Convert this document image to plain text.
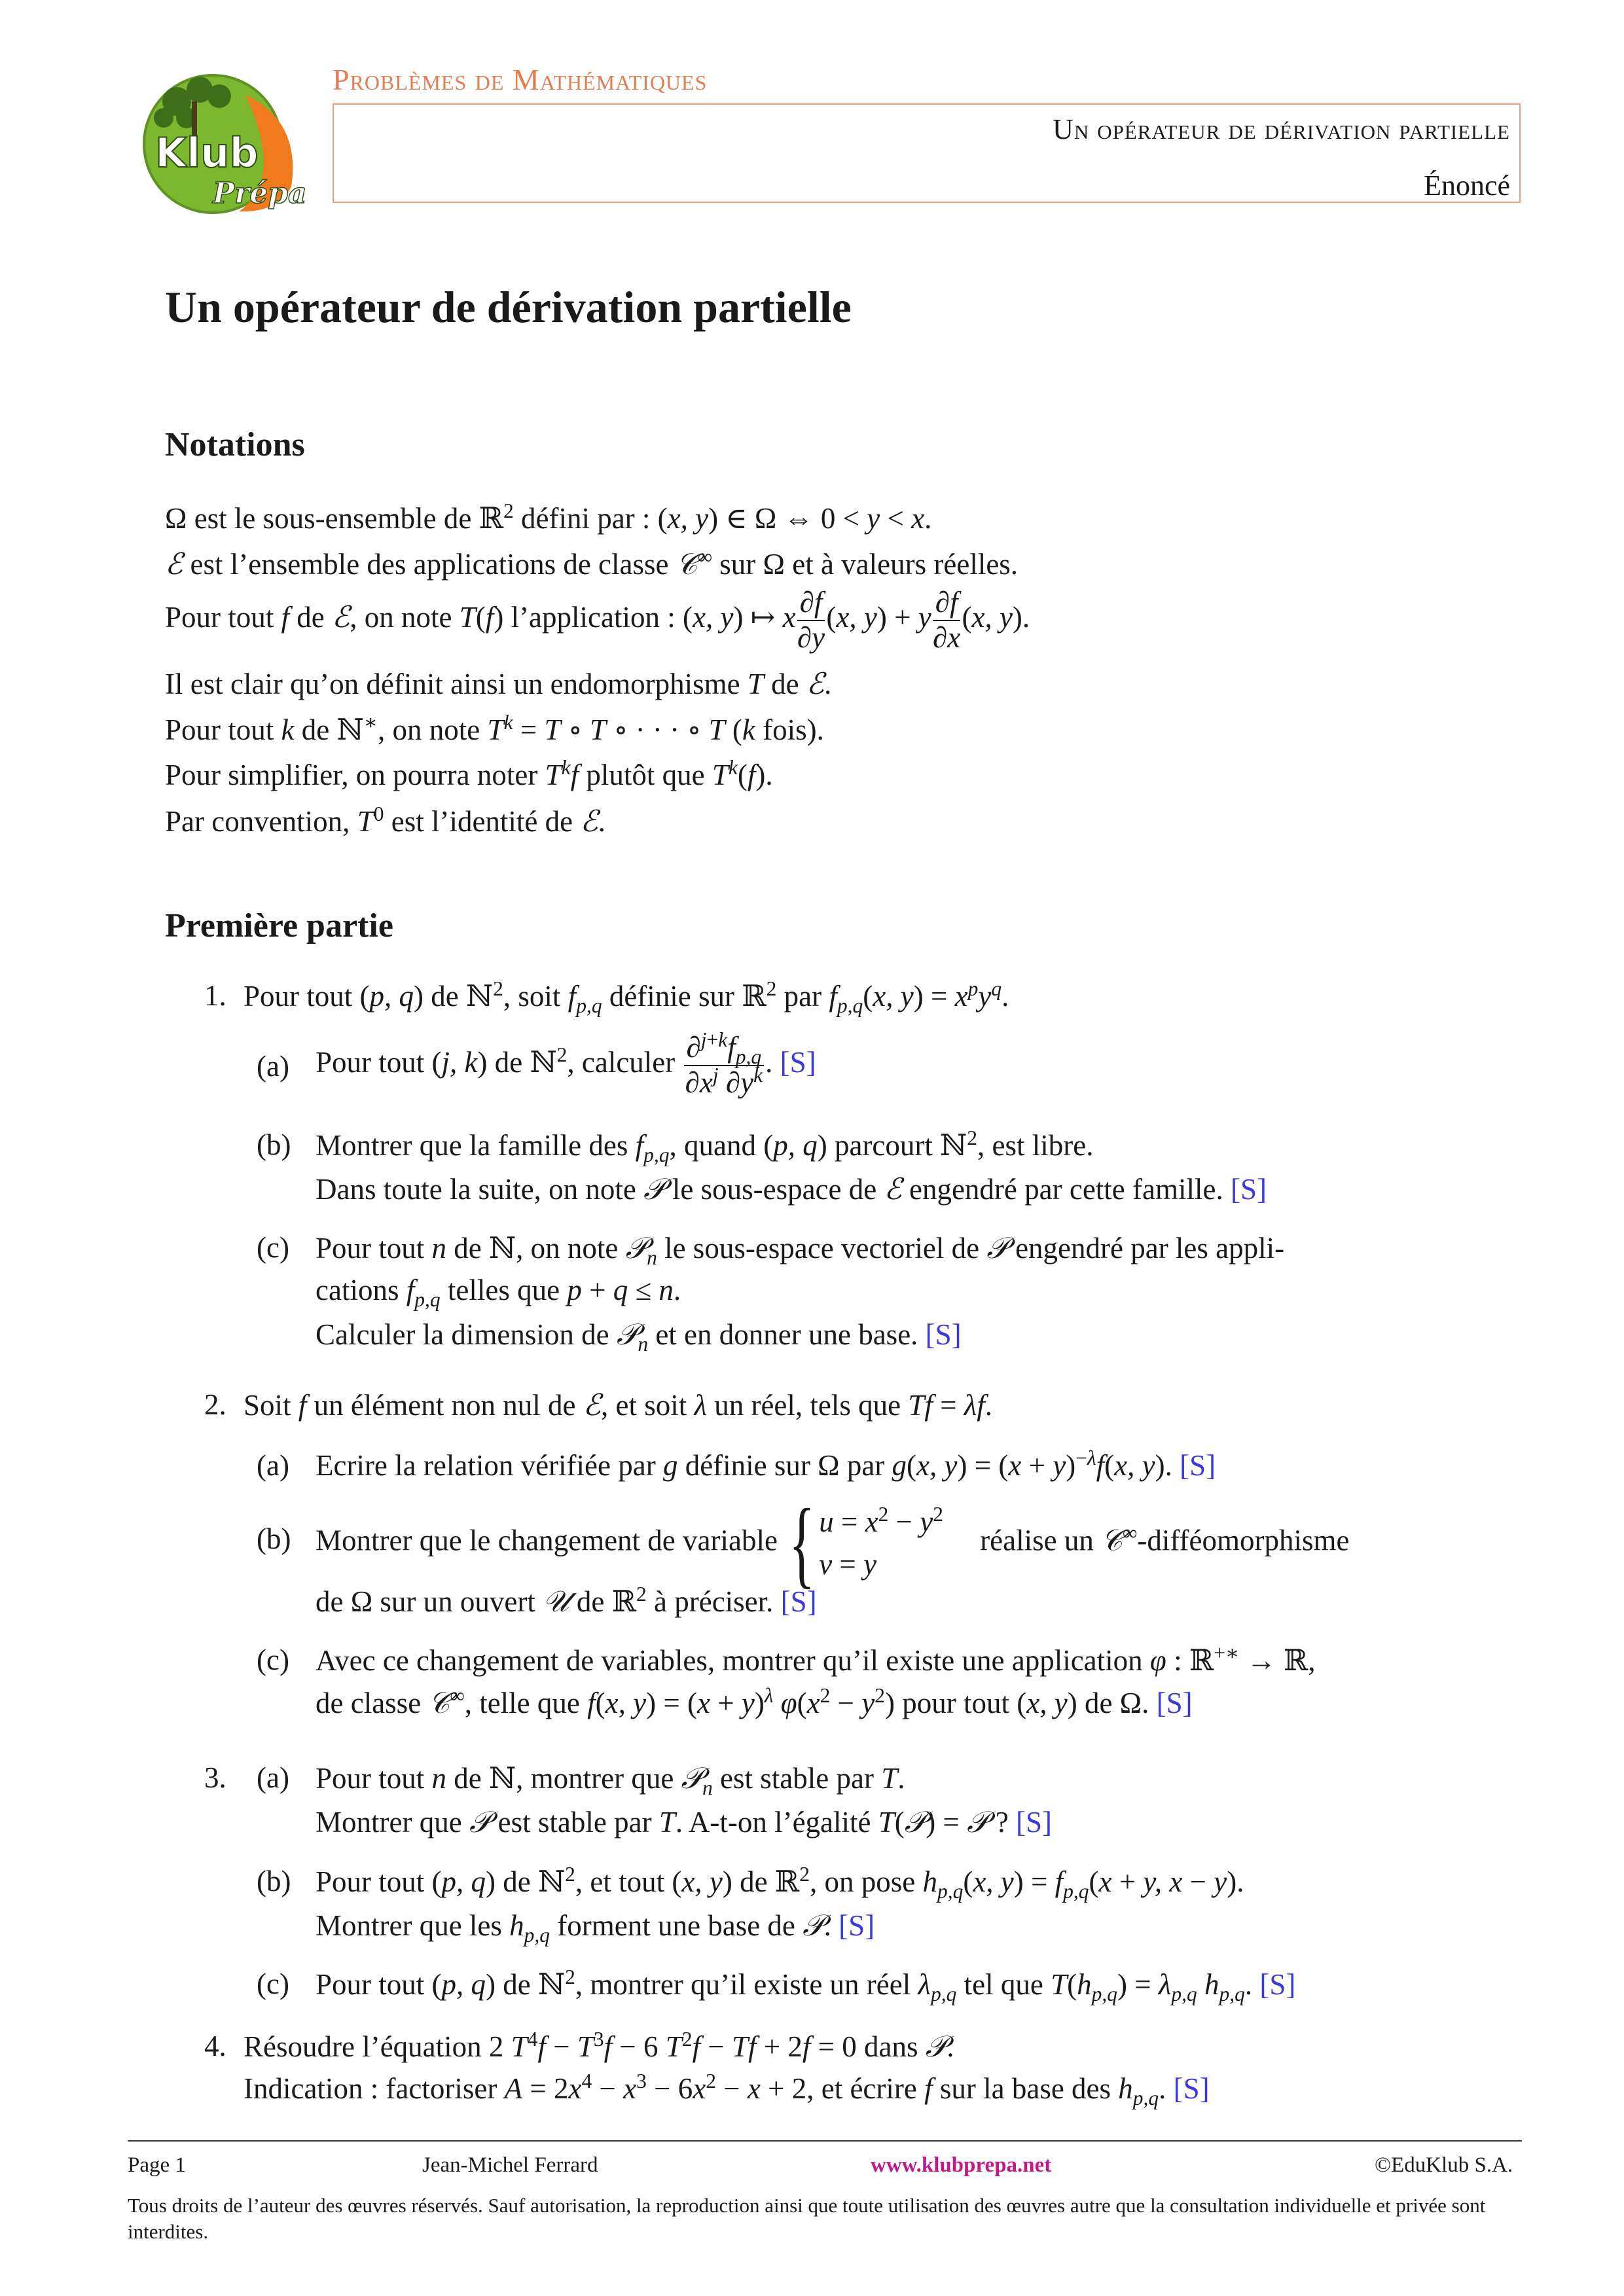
Klub
Prépa
Problèmes de Mathématiques
Un opérateur de dérivation partielle
Énoncé
Un opérateur de dérivation partielle
Notations
Ω est le sous-ensemble de ℝ$^2$ défini par : (x, y) ∈ Ω ⇔ 0 < y < x.
ℰ est l’ensemble des applications de classe 𝒞∞ sur Ω et à valeurs réelles.
Pour tout f de ℰ, on note T(f) l’application : (x, y) ↦ x $\frac{\partial f}{\partial y} (x$, y) + y $\frac{\partial f}{\partial x} (x$, y).
Il est clair qu’on définit ainsi un endomorphisme T de ℰ.
Pour tout k de ℕ∗, on note $T^k = T$ ∘ T ∘ · · · ∘ T (k fois).
Pour simplifier, on pourra noter $T^kf$ plutôt que $T^k(f)$.
Par convention, $T^0$ est l’identité de ℰ.
Première partie
1. Pour tout (p, q) de ℕ$^2$, soit $f_{p,q}$ définie sur ℝ$^2$ par $f_{p,q}(x$, $y) = x^py^q$.
(a) Pour tout (j, k) de ℕ$^2$, calculer $\frac{\partial^{j+k}f_{p,q}}{\partial x^j \partial y^k}$ . [S]
(b) Montrer que la famille des $f_{p,q}$, quand (p, q) parcourt ℕ$^2$, est libre.
Dans toute la suite, on note 𝒫 le sous-espace de ℰ engendré par cette famille. [S]
(c) Pour tout n de ℕ, on note 𝒫$_n$ le sous-espace vectoriel de 𝒫 engendré par les appli-
cations $f_{p,q}$ telles que p + q ≤ n.
Calculer la dimension de 𝒫$_n$ et en donner une base. [S]
2. Soit f un élément non nul de ℰ, et soit λ un réel, tels que Tf = λf.
(a) Ecrire la relation vérifiée par g définie sur Ω par g(x, $y) = (x + y)^{-\lambda}f(x$, y). [S]
(b) Montrer que le changement de variable { $u = x^2 - y^2$
v = y  réalise un 𝒞∞-difféomorphisme
de Ω sur un ouvert 𝒰 de ℝ$^2$ à préciser. [S]
(c) Avec ce changement de variables, montrer qu’il existe une application φ : ℝ+∗ → ℝ,
de classe 𝒞∞, telle que f(x, $y) = (x + y)^\lambda$ $\varphi(x^2 - y^2)$ pour tout (x, y) de Ω. [S]
3. (a) Pour tout n de ℕ, montrer que 𝒫$_n$ est stable par T.
Montrer que 𝒫 est stable par T. A-t-on l’égalité T(𝒫) = 𝒫 ? [S]
(b) Pour tout (p, q) de ℕ$^2$, et tout (x, y) de ℝ$^2$, on pose $h_{p,q}(x$, $y) = f_{p,q}(x + y$, x − y).
Montrer que les $h_{p,q}$ forment une base de 𝒫. [S]
(c) Pour tout (p, q) de ℕ$^2$, montrer qu’il existe un réel $\lambda_{p,q}$ tel que $T(h_{p,q}) = \lambda_{p,q}$ $h_{p,q}$. [S]
4. Résoudre l’équation 2 $T^4f - T^3f - 6$ $T^2f - Tf + 2f = 0$ dans 𝒫.
Indication : factoriser $A = 2x^4 - x^3 - 6x^2 - x + 2$, et écrire f sur la base des $h_{p,q}$. [S]
Page 1	Jean-Michel Ferrard	www.klubprepa.net	©EduKlub S.A.
Tous droits de l’auteur des œuvres réservés. Sauf autorisation, la reproduction ainsi que toute utilisation des œuvres autre que la consultation individuelle et privée sont interdites.
